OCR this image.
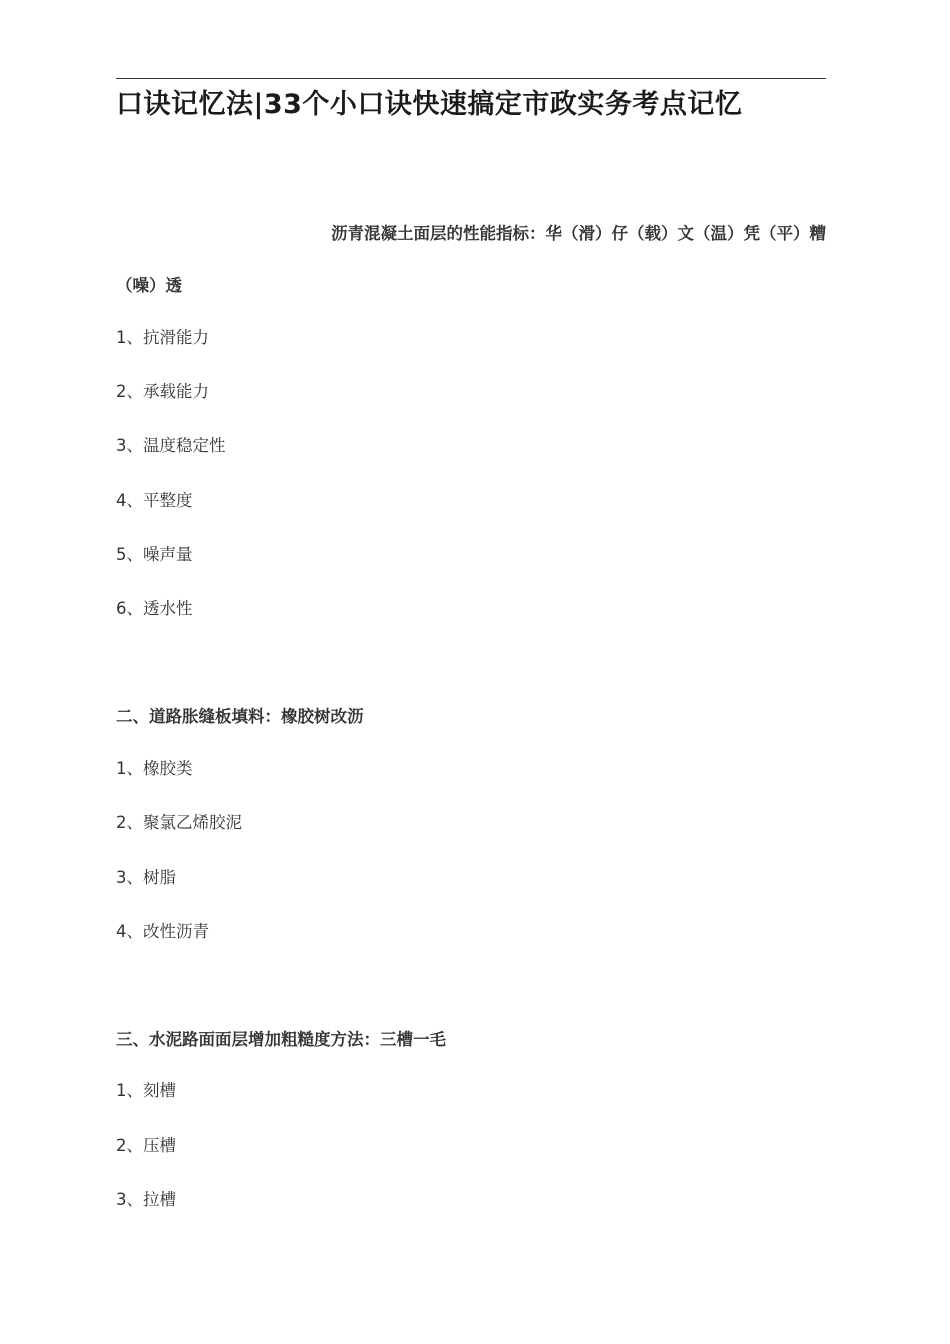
口诀记忆法|33个小口诀快速搞定市政实务考点记忆
沥青混凝土面层的性能指标：华（滑）仔（载）文（温）凭（平）糟
（噪）透
1、抗滑能力
2、承载能力
3、温度稳定性
4、平整度
5、噪声量
6、透水性
二、道路胀缝板填料：橡胶树改沥
1、橡胶类
2、聚氯乙烯胶泥
3、树脂
4、改性沥青
三、水泥路面面层增加粗糙度方法：三槽一毛
1、刻槽
2、压槽
3、拉槽
